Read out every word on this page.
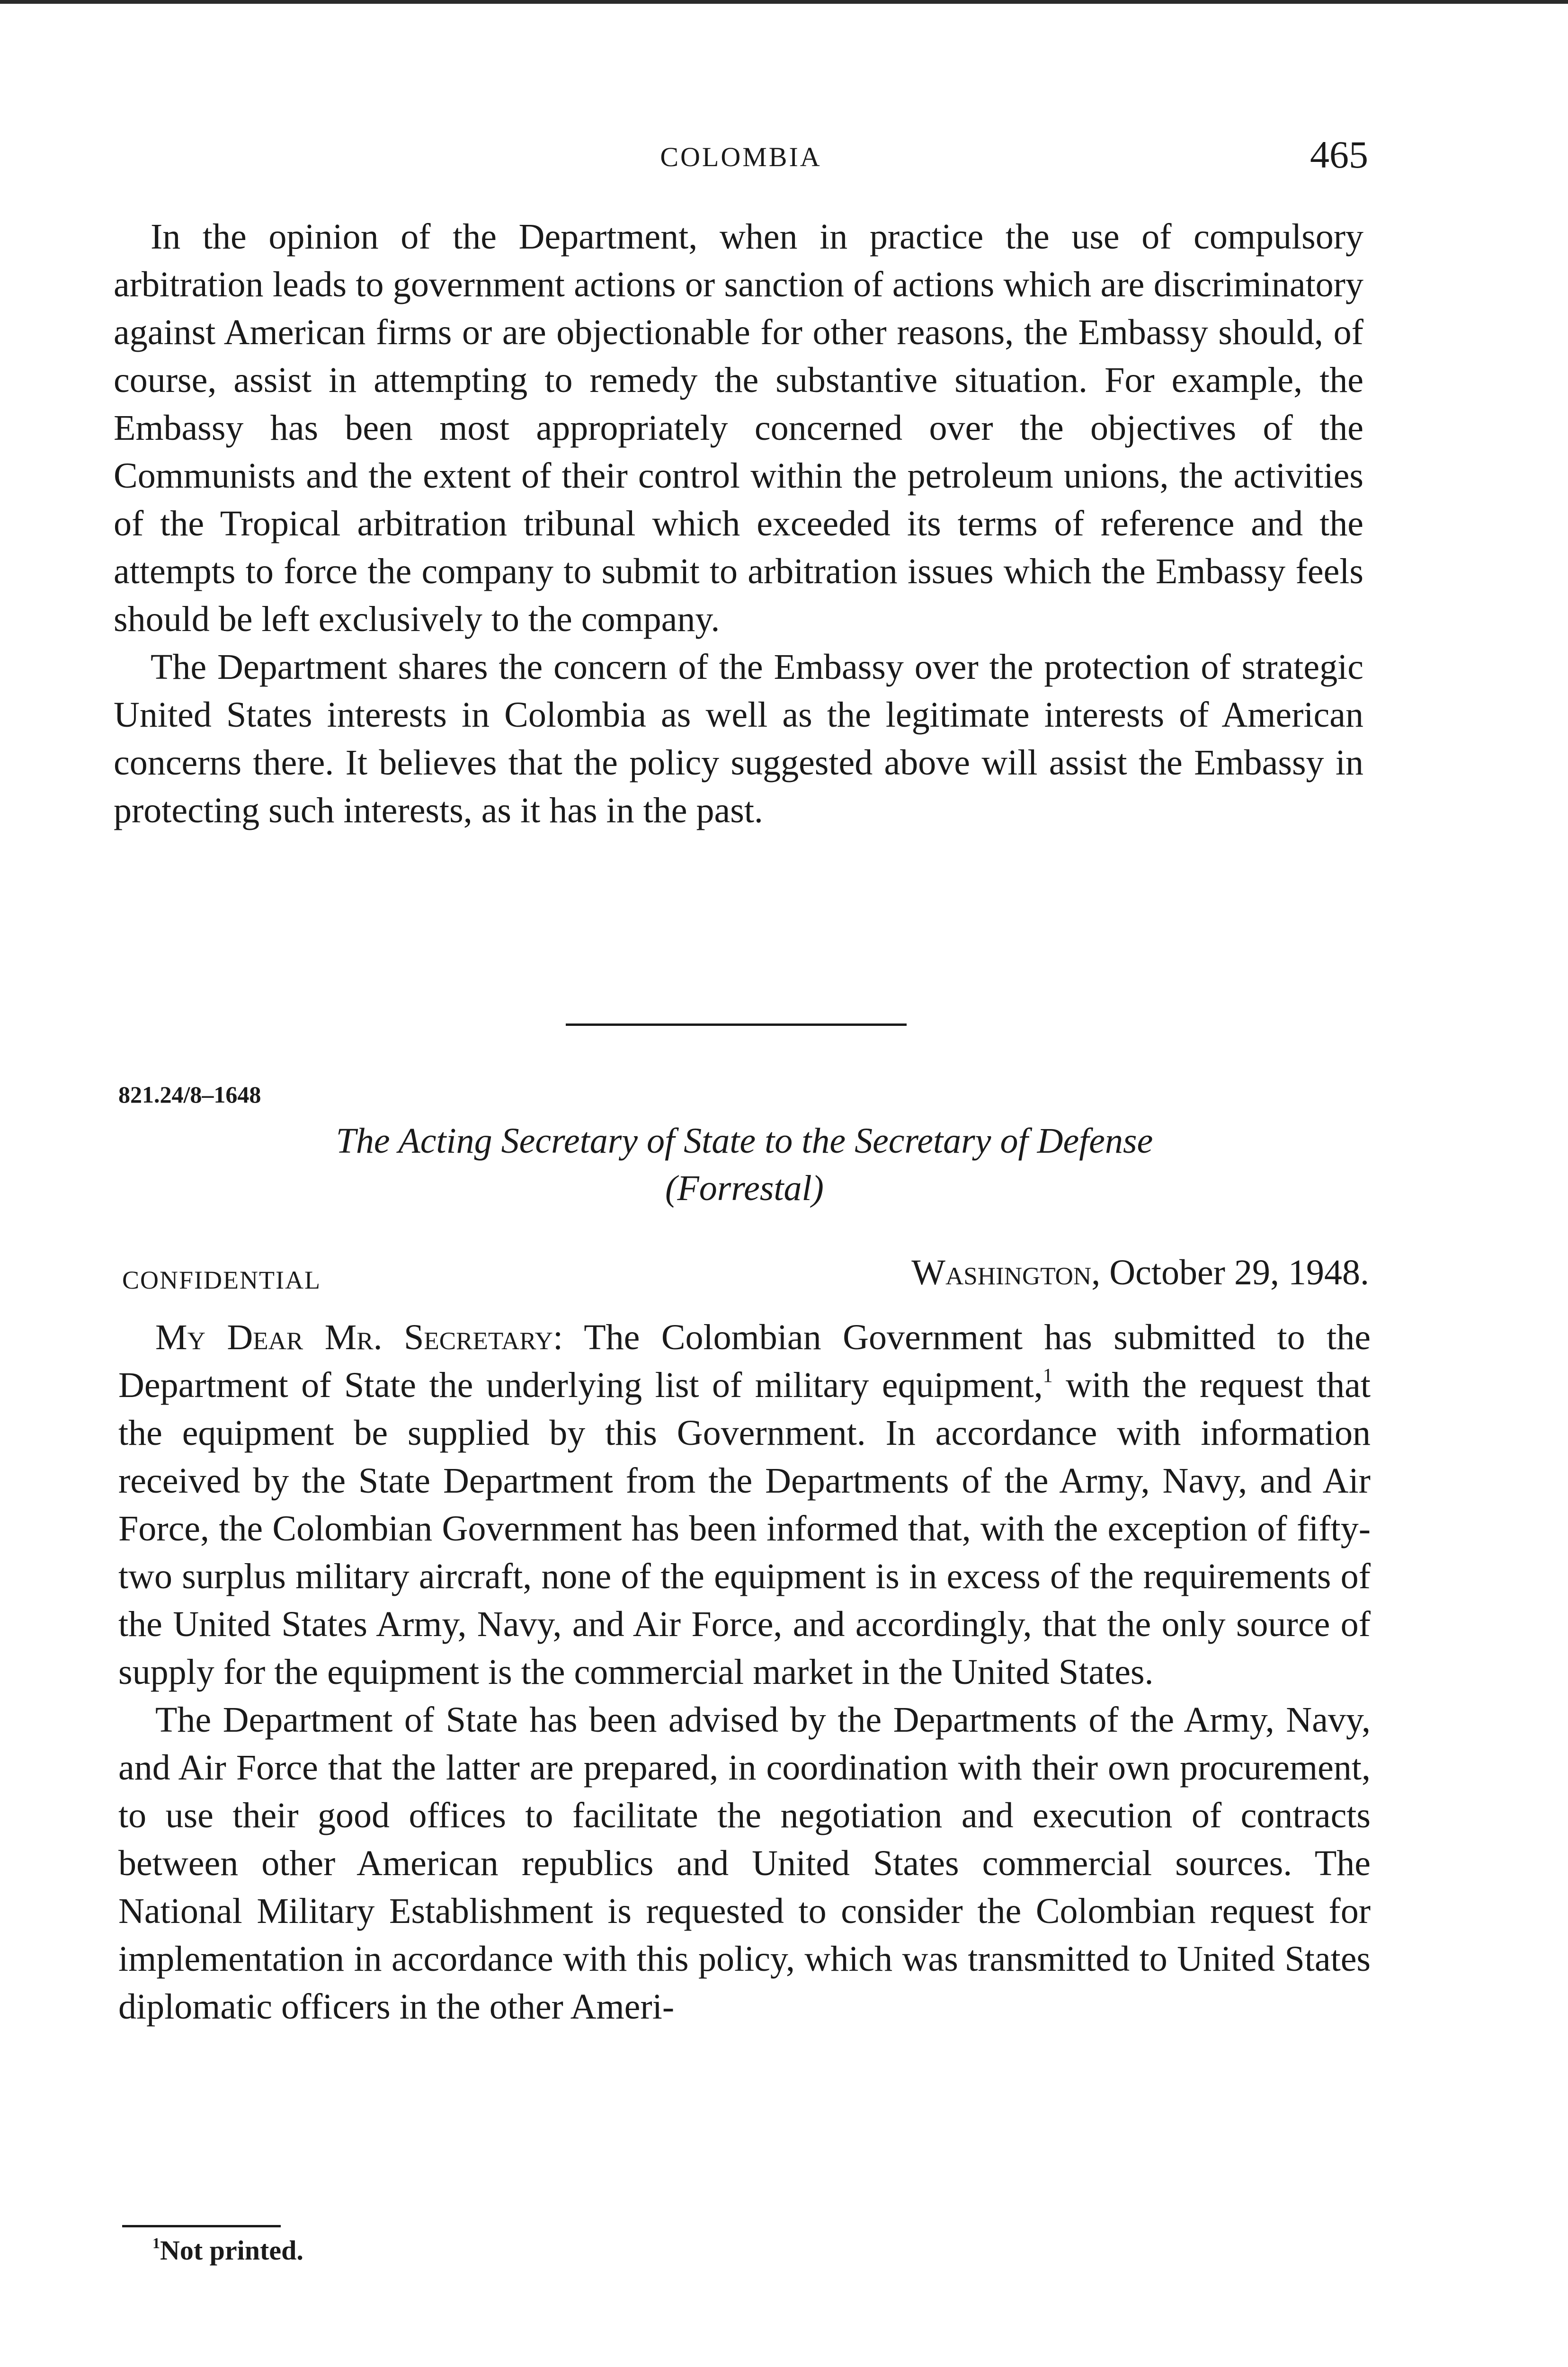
COLOMBIA	465

In the opinion of the Department, when in practice the use of compulsory arbitration leads to government actions or sanction of actions which are discriminatory against American firms or are objectionable for other reasons, the Embassy should, of course, assist in attempting to remedy the substantive situation. For example, the Embassy has been most appropriately concerned over the objectives of the Communists and the extent of their control within the petroleum unions, the activities of the Tropical arbitration tribunal which exceeded its terms of reference and the attempts to force the company to submit to arbitration issues which the Embassy feels should be left exclusively to the company.

The Department shares the concern of the Embassy over the protection of strategic United States interests in Colombia as well as the legitimate interests of American concerns there. It believes that the policy suggested above will assist the Embassy in protecting such interests, as it has in the past.

821.24/8–1648
The Acting Secretary of State to the Secretary of Defense
(Forrestal)
CONFIDENTIAL	Washington, October 29, 1948.

My Dear Mr. Secretary: The Colombian Government has submitted to the Department of State the underlying list of military equipment,$^1$ with the request that the equipment be supplied by this Government. In accordance with information received by the State Department from the Departments of the Army, Navy, and Air Force, the Colombian Government has been informed that, with the exception of fifty-two surplus military aircraft, none of the equipment is in excess of the requirements of the United States Army, Navy, and Air Force, and accordingly, that the only source of supply for the equipment is the commercial market in the United States.

The Department of State has been advised by the Departments of the Army, Navy, and Air Force that the latter are prepared, in coordination with their own procurement, to use their good offices to facilitate the negotiation and execution of contracts between other American republics and United States commercial sources. The National Military Establishment is requested to consider the Colombian request for implementation in accordance with this policy, which was transmitted to United States diplomatic officers in the other Ameri-

$^1$Not printed.
